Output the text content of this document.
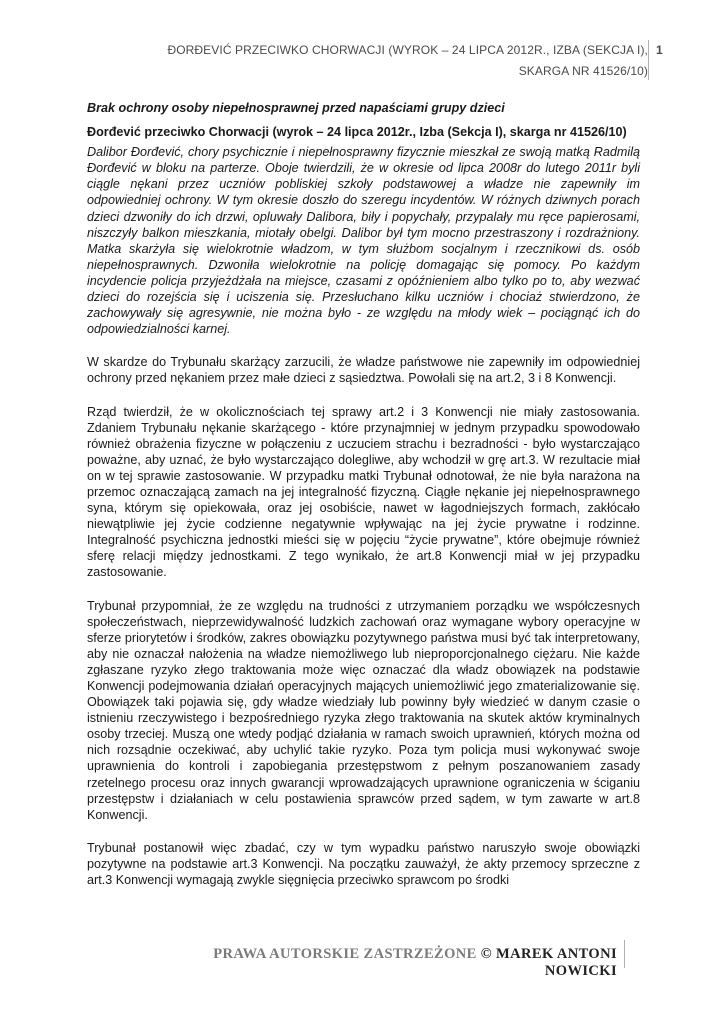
ĐORĐEVIĆ PRZECIWKO CHORWACJI (WYROK – 24 LIPCA 2012R., IZBA (SEKCJA I),
SKARGA NR 41526/10)
1

Brak ochrony osoby niepełnosprawnej przed napaściami grupy dzieci

Đorđević przeciwko Chorwacji (wyrok – 24 lipca 2012r., Izba (Sekcja I), skarga nr 41526/10)

Dalibor Đorđević, chory psychicznie i niepełnosprawny fizycznie mieszkał ze swoją matką Radmilą Đorđević w bloku na parterze. Oboje twierdzili, że w okresie od lipca 2008r do lutego 2011r byli ciągle nękani przez uczniów pobliskiej szkoły podstawowej a władze nie zapewniły im odpowiedniej ochrony. W tym okresie doszło do szeregu incydentów. W różnych dziwnych porach dzieci dzwoniły do ich drzwi, opluwały Dalibora, biły i popychały, przypalały mu ręce papierosami, niszczyły balkon mieszkania, miotały obelgi. Dalibor był tym mocno przestraszony i rozdrażniony. Matka skarżyła się wielokrotnie władzom, w tym służbom socjalnym i rzecznikowi ds. osób niepełnosprawnych. Dzwoniła wielokrotnie na policję domagając się pomocy. Po każdym incydencie policja przyjeżdżała na miejsce, czasami z opóźnieniem albo tylko po to, aby wezwać dzieci do rozejścia się i uciszenia się. Przesłuchano kilku uczniów i chociaż stwierdzono, że zachowywały się agresywnie, nie można było - ze względu na młody wiek – pociągnąć ich do odpowiedzialności karnej.

W skardze do Trybunału skarżący zarzucili, że władze państwowe nie zapewniły im odpowiedniej ochrony przed nękaniem przez małe dzieci z sąsiedztwa. Powołali się na art.2, 3 i 8 Konwencji.

Rząd twierdził, że w okolicznościach tej sprawy art.2 i 3 Konwencji nie miały zastosowania. Zdaniem Trybunału nękanie skarżącego - które przynajmniej w jednym przypadku spowodowało również obrażenia fizyczne w połączeniu z uczuciem strachu i bezradności - było wystarczająco poważne, aby uznać, że było wystarczająco dolegliwe, aby wchodził w grę art.3. W rezultacie miał on w tej sprawie zastosowanie. W przypadku matki Trybunał odnotował, że nie była narażona na przemoc oznaczającą zamach na jej integralność fizyczną. Ciągłe nękanie jej niepełnosprawnego syna, którym się opiekowała, oraz jej osobiście, nawet w łagodniejszych formach, zakłócało niewątpliwie jej życie codzienne negatywnie wpływając na jej życie prywatne i rodzinne. Integralność psychiczna jednostki mieści się w pojęciu “życie prywatne”, które obejmuje również sferę relacji między jednostkami. Z tego wynikało, że art.8 Konwencji miał w jej przypadku zastosowanie.

Trybunał przypomniał, że ze względu na trudności z utrzymaniem porządku we współczesnych społeczeństwach, nieprzewidywalność ludzkich zachowań oraz wymagane wybory operacyjne w sferze priorytetów i środków, zakres obowiązku pozytywnego państwa musi być tak interpretowany, aby nie oznaczał nałożenia na władze niemożliwego lub nieproporcjonalnego ciężaru. Nie każde zgłaszane ryzyko złego traktowania może więc oznaczać dla władz obowiązek na podstawie Konwencji podejmowania działań operacyjnych mających uniemożliwić jego zmaterializowanie się. Obowiązek taki pojawia się, gdy władze wiedziały lub powinny były wiedzieć w danym czasie o istnieniu rzeczywistego i bezpośredniego ryzyka złego traktowania na skutek aktów kryminalnych osoby trzeciej. Muszą one wtedy podjąć działania w ramach swoich uprawnień, których można od nich rozsądnie oczekiwać, aby uchylić takie ryzyko. Poza tym policja musi wykonywać swoje uprawnienia do kontroli i zapobiegania przestępstwom z pełnym poszanowaniem zasady rzetelnego procesu oraz innych gwarancji wprowadzających uprawnione ograniczenia w ściganiu przestępstw i działaniach w celu postawienia sprawców przed sądem, w tym zawarte w art.8 Konwencji.

Trybunał postanowił więc zbadać, czy w tym wypadku państwo naruszyło swoje obowiązki pozytywne na podstawie art.3 Konwencji. Na początku zauważył, że akty przemocy sprzeczne z art.3 Konwencji wymagają zwykle sięgnięcia przeciwko sprawcom po środki

PRAWA AUTORSKIE ZASTRZEŻONE © MAREK ANTONI NOWICKI
